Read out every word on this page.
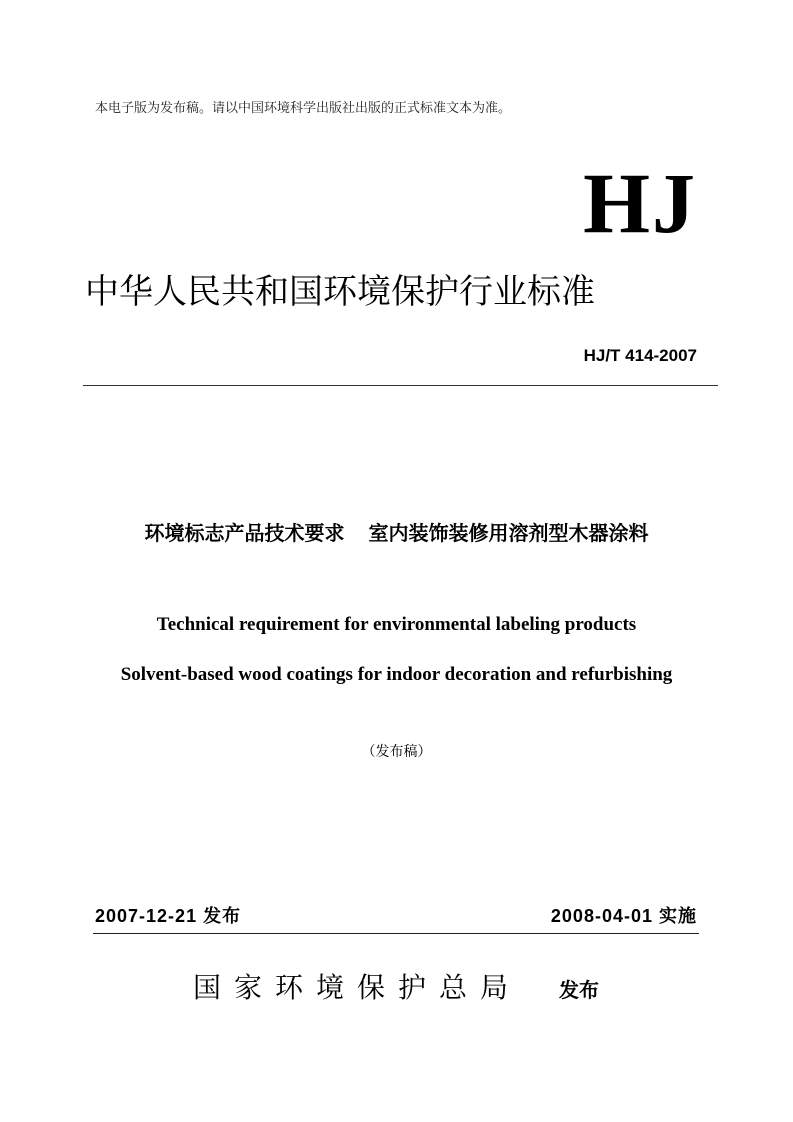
本电子版为发布稿。请以中国环境科学出版社出版的正式标准文本为准。
HJ
中华人民共和国环境保护行业标准
HJ/T 414-2007
环境标志产品技术要求 室内装饰装修用溶剂型木器涂料
Technical requirement for environmental labeling products
Solvent-based wood coatings for indoor decoration and refurbishing
（发布稿）
2007-12-21 发布	2008-04-01 实施
国家环境保护总局 发布
